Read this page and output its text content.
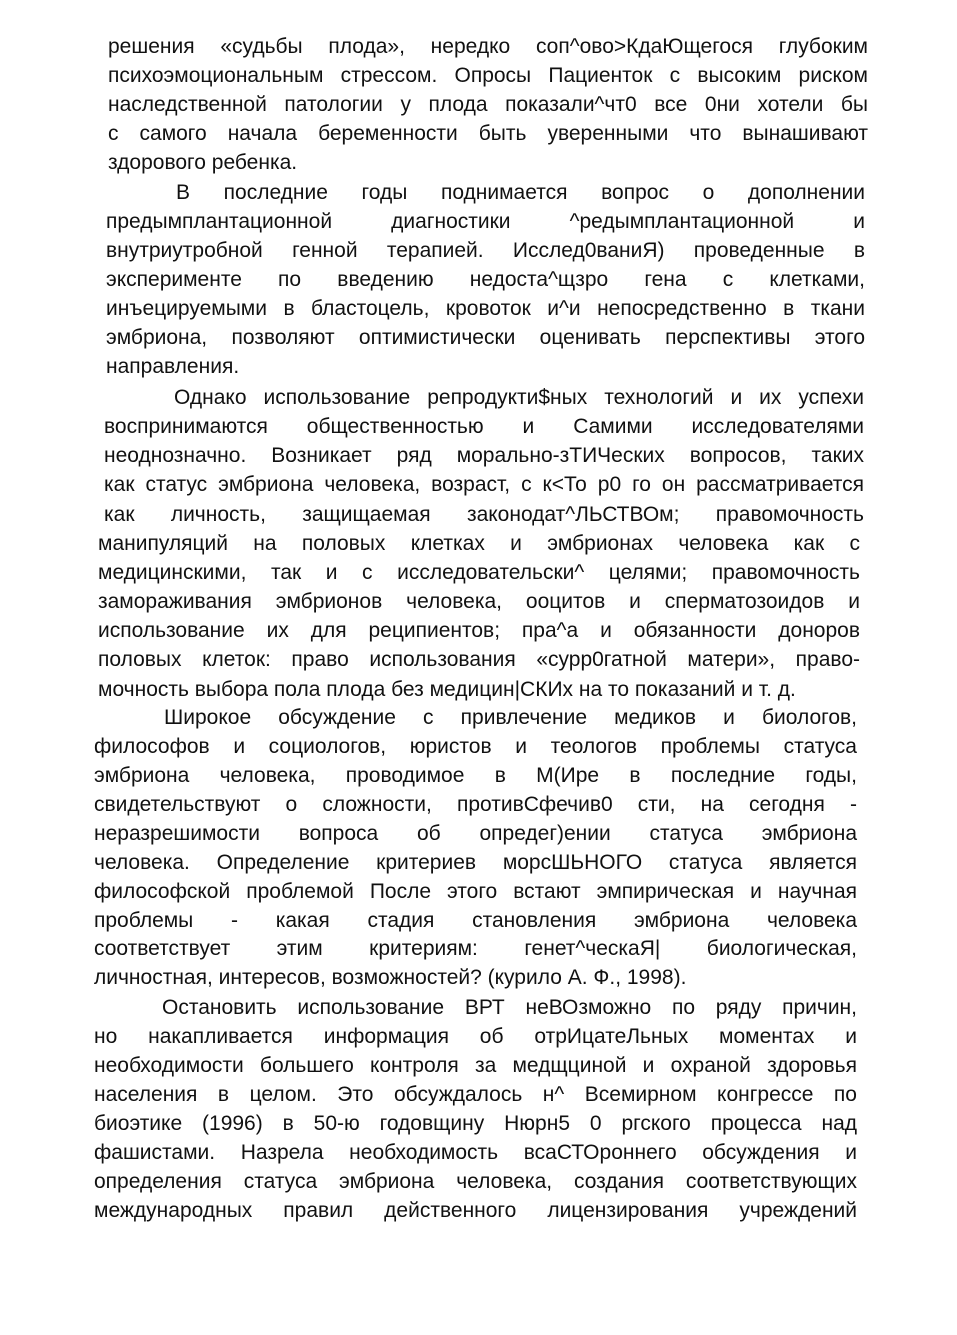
решения «судьбы плода», нередко соп^ово>КдаЮщегося глубоким

психоэмоциональным стрессом. Опросы Пациенток с высоким риском

наследственной патологии у плода показали^чт0 все 0ни хотели бы

с самого начала беременности быть уверенными что вынашивают

здорового ребенка.

В последние годы поднимается вопрос о дополнении

предымплантационной диагностики ^редымплантационной и

внутриутробной генной терапией. Исслед0ваниЯ) проведенные в

эксперименте по введению недоста^щзро гена с клетками,

инъецируемыми в бластоцель, кровоток и^и непосредственно в ткани

эмбриона, позволяют оптимистически оценивать перспективы этого

направления.

Однако использование репродукти$ных технологий и их успехи

воспринимаются общественностью и Самими исследователями

неоднозначно. Возникает ряд морально-зТИЧеских вопросов, таких

как статус эмбриона человека, возраст, с к<То р0 го он рассматривается

как личность, защищаемая законодат^ЛЬСТВОм; правомочность

манипуляций на половых клетках и эмбрионах человека как с

медицинскими, так и с исследовательски^ целями; правомочность

замораживания эмбрионов человека, ооцитов и сперматозоидов и

использование их для реципиентов; пра^а и обязанности доноров

половых клеток: право использования «сурр0гатной матери», право-

мочность выбора пола плода без медицин|СКИх на то показаний и т. д.

Широкое обсуждение с привлечение медиков и биологов,

философов и социологов, юристов и теологов проблемы статуса

эмбриона человека, проводимое в М(Ире в последние годы,

свидетельствуют о сложности, противСфечив0 сти, на сегодня -

неразрешимости вопроса об опредег)ении статуса эмбриона

человека. Определение критериев морсШЬНОГО статуса является

философской проблемой После этого встают эмпирическая и научная

проблемы - какая стадия становления эмбриона человека

соответствует этим критериям: генет^ческаЯ| биологическая,

личностная, интересов, возможностей? (курило А. Ф., 1998).

Остановить использование ВРТ неВОзможно по ряду причин,

но накапливается информация об отрИцатеЛьных моментах и

необходимости большего контроля за медщциной и охраной здоровья

населения в целом. Это обсуждалось н^ Всемирном конгрессе по

биоэтике (1996) в 50-ю годовщину Нюрн5 0 ргского процесса над

фашистами. Назрела необходимость всаСТОроннего обсуждения и

определения статуса эмбриона человека, создания соответствующих

международных правил действенного лицензирования учреждений
